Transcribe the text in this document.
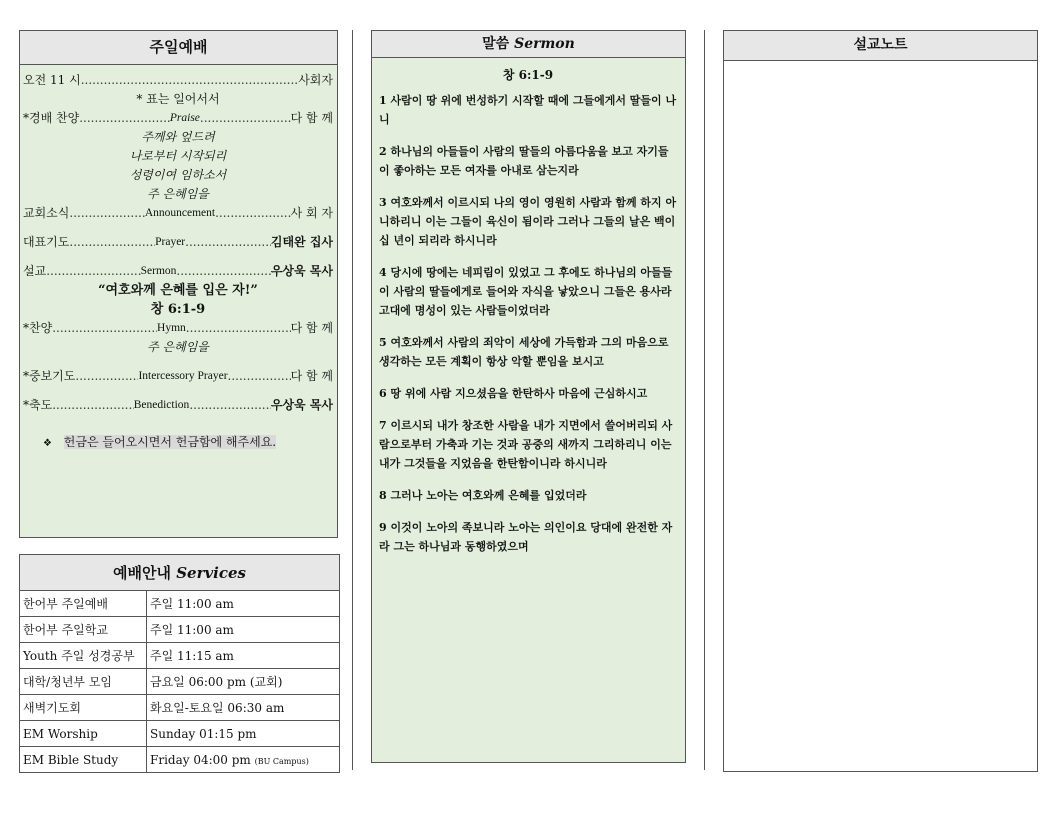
주일예배
오전 11 시 .....	사회자
* 표는 일어서서
*경배 찬양 .....	Praise .....	다 함 께
주께와 엎드려
나로부터 시작되리
성령이여 임하소서
주 은혜임을
교회소식 .....	Announcement .....	사 회 자
대표기도 .....	Prayer .....	김태완 집사
설교 .....	Sermon .....	우상욱 목사
“여호와께 은혜를 입은 자!”
창 6:1-9
*찬양 .....	Hymn .....	다 함 께
주 은혜임을
*중보기도 .....	Intercessory Prayer .....	다 함 께
*축도 .....	Benediction .....	우상욱 목사
❖ 헌금은 들어오시면서 헌금함에 해주세요.
예배안내 Services
한어부 주일예배	주일 11:00 am
한어부 주일학교	주일 11:00 am
Youth 주일 성경공부	주일 11:15 am
대학/청년부 모임	금요일 06:00 pm (교회)
새벽기도회	화요일-토요일 06:30 am
EM Worship	Sunday 01:15 pm
EM Bible Study	Friday 04:00 pm (BU Campus)
말씀 Sermon
창 6:1-9
1 사람이 땅 위에 번성하기 시작할 때에 그들에게서 딸들이 나니
2 하나님의 아들들이 사람의 딸들의 아름다움을 보고 자기들이 좋아하는 모든 여자를 아내로 삼는지라
3 여호와께서 이르시되 나의 영이 영원히 사람과 함께 하지 아니하리니 이는 그들이 육신이 됨이라 그러나 그들의 날은 백이십 년이 되리라 하시니라
4 당시에 땅에는 네피림이 있었고 그 후에도 하나님의 아들들이 사람의 딸들에게로 들어와 자식을 낳았으니 그들은 용사라 고대에 명성이 있는 사람들이었더라
5 여호와께서 사람의 죄악이 세상에 가득함과 그의 마음으로 생각하는 모든 계획이 항상 악할 뿐임을 보시고
6 땅 위에 사람 지으셨음을 한탄하사 마음에 근심하시고
7 이르시되 내가 창조한 사람을 내가 지면에서 쓸어버리되 사람으로부터 가축과 기는 것과 공중의 새까지 그리하리니 이는 내가 그것들을 지었음을 한탄함이니라 하시니라
8 그러나 노아는 여호와께 은혜를 입었더라
9 이것이 노아의 족보니라 노아는 의인이요 당대에 완전한 자라 그는 하나님과 동행하였으며
설교노트
